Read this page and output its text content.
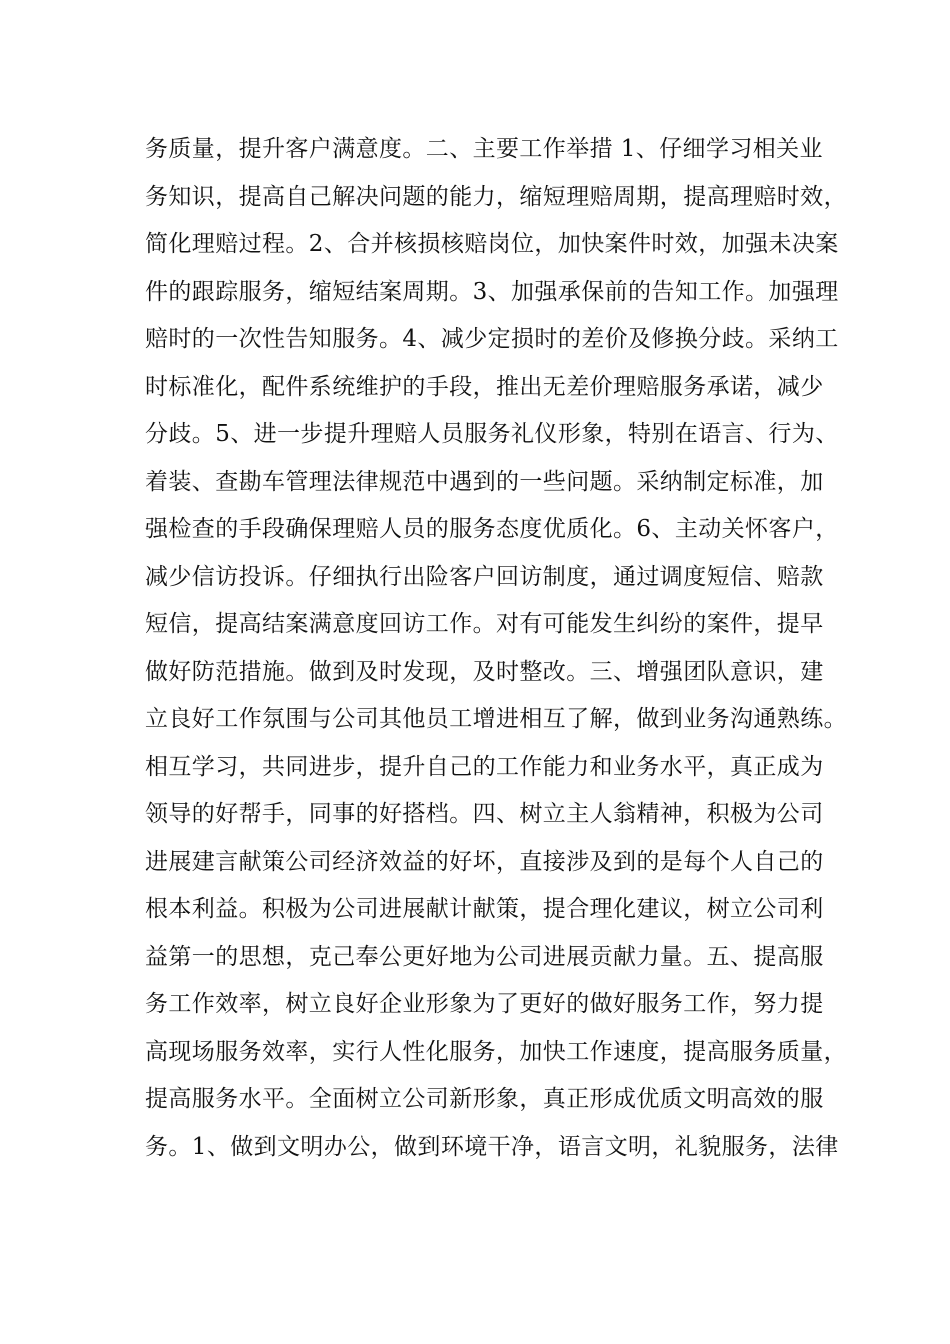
务质量，提升客户满意度。二、主要工作举措 1、仔细学习相关业
务知识，提高自己解决问题的能力，缩短理赔周期，提高理赔时效，
简化理赔过程。2、合并核损核赔岗位，加快案件时效，加强未决案
件的跟踪服务，缩短结案周期。3、加强承保前的告知工作。加强理
赔时的一次性告知服务。4、减少定损时的差价及修换分歧。采纳工
时标准化，配件系统维护的手段，推出无差价理赔服务承诺，减少
分歧。5、进一步提升理赔人员服务礼仪形象，特别在语言、行为、
着装、查勘车管理法律规范中遇到的一些问题。采纳制定标准，加
强检查的手段确保理赔人员的服务态度优质化。6、主动关怀客户，
减少信访投诉。仔细执行出险客户回访制度，通过调度短信、赔款
短信，提高结案满意度回访工作。对有可能发生纠纷的案件，提早
做好防范措施。做到及时发现，及时整改。三、增强团队意识，建
立良好工作氛围与公司其他员工增进相互了解，做到业务沟通熟练。
相互学习，共同进步，提升自己的工作能力和业务水平，真正成为
领导的好帮手，同事的好搭档。四、树立主人翁精神，积极为公司
进展建言献策公司经济效益的好坏，直接涉及到的是每个人自己的
根本利益。积极为公司进展献计献策，提合理化建议，树立公司利
益第一的思想，克己奉公更好地为公司进展贡献力量。五、提高服
务工作效率，树立良好企业形象为了更好的做好服务工作，努力提
高现场服务效率，实行人性化服务，加快工作速度，提高服务质量，
提高服务水平。全面树立公司新形象，真正形成优质文明高效的服
务。1、做到文明办公，做到环境干净，语言文明，礼貌服务，法律
